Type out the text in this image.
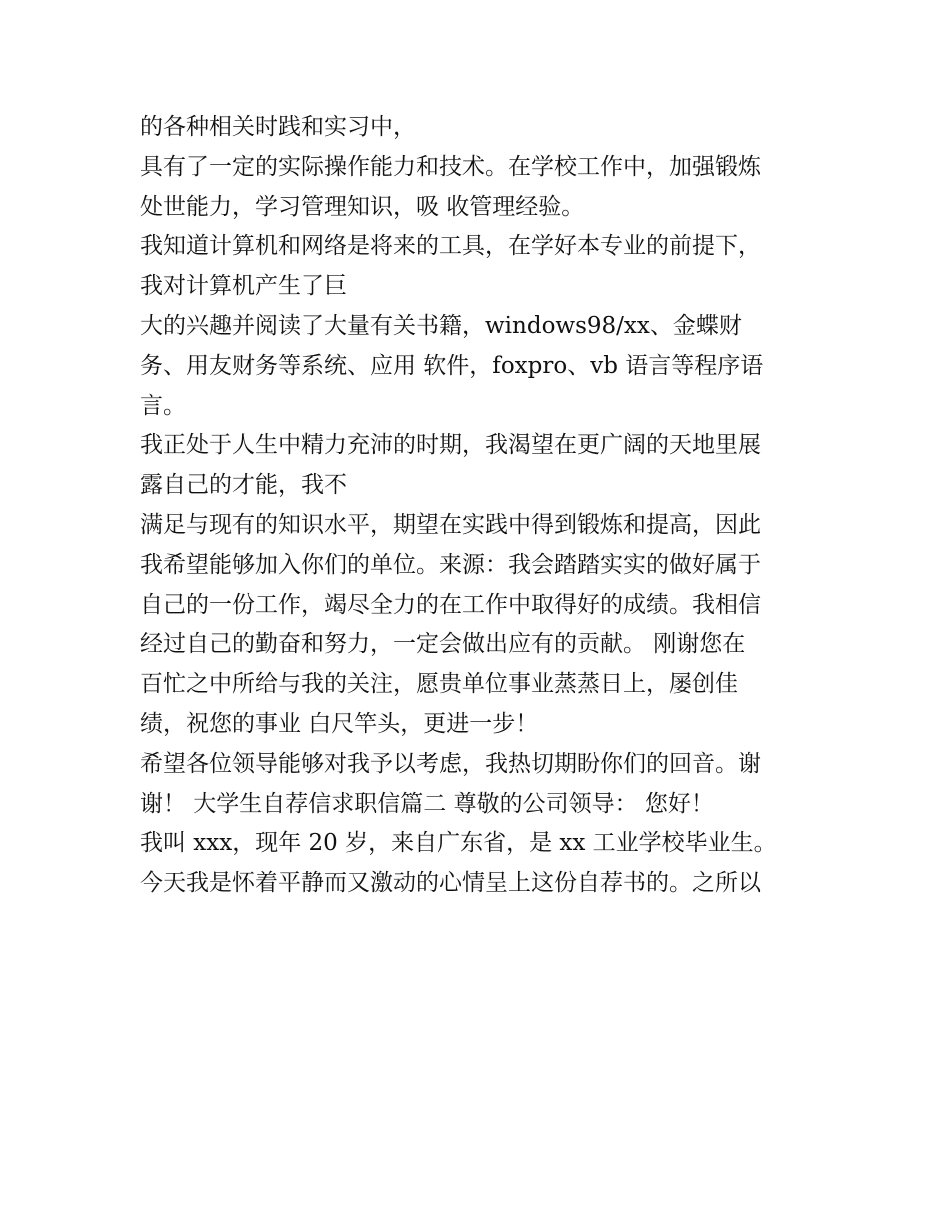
的各种相关时践和实习中，
具有了一定的实际操作能力和技术。在学校工作中，加强锻炼
处世能力，学习管理知识，吸 收管理经验。
我知道计算机和网络是将来的工具，在学好本专业的前提下，
我对计算机产生了巨
大的兴趣并阅读了大量有关书籍，windows98/xx、金蝶财
务、用友财务等系统、应用 软件，foxpro、vb 语言等程序语
言。
我正处于人生中精力充沛的时期，我渴望在更广阔的天地里展
露自己的才能，我不
满足与现有的知识水平，期望在实践中得到锻炼和提高，因此
我希望能够加入你们的单位。来源：我会踏踏实实的做好属于
自己的一份工作，竭尽全力的在工作中取得好的成绩。我相信
经过自己的勤奋和努力，一定会做出应有的贡献。 刚谢您在
百忙之中所给与我的关注，愿贵单位事业蒸蒸日上，屡创佳
绩，祝您的事业 白尺竿头，更进一步！
希望各位领导能够对我予以考虑，我热切期盼你们的回音。谢
谢！ 大学生自荐信求职信篇二 尊敬的公司领导： 您好！
我叫 xxx，现年 20 岁，来自广东省，是 xx 工业学校毕业生。
今天我是怀着平静而又激动的心情呈上这份自荐书的。之所以
